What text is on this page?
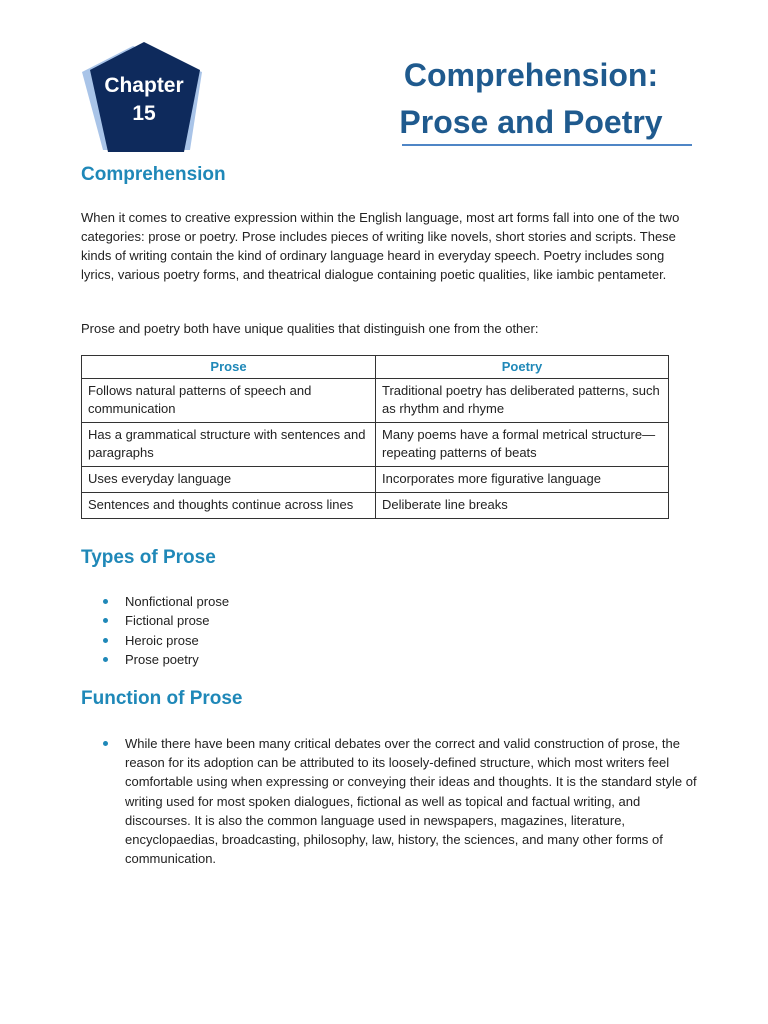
Chapter
15
Comprehension:
Prose and Poetry
Comprehension
When it comes to creative expression within the English language, most art forms fall into one of the two categories: prose or poetry. Prose includes pieces of writing like novels, short stories and scripts. These kinds of writing contain the kind of ordinary language heard in everyday speech. Poetry includes song lyrics, various poetry forms, and theatrical dialogue containing poetic qualities, like iambic pentameter.
Prose and poetry both have unique qualities that distinguish one from the other:
Prose	Poetry
Follows natural patterns of speech and communication	Traditional poetry has deliberated patterns, such as rhythm and rhyme
Has a grammatical structure with sentences and paragraphs	Many poems have a formal metrical structure—repeating patterns of beats
Uses everyday language	Incorporates more figurative language
Sentences and thoughts continue across lines	Deliberate line breaks
Types of Prose
Nonfictional prose
Fictional prose
Heroic prose
Prose poetry
Function of Prose
While there have been many critical debates over the correct and valid construction of prose, the reason for its adoption can be attributed to its loosely-defined structure, which most writers feel comfortable using when expressing or conveying their ideas and thoughts. It is the standard style of writing used for most spoken dialogues, fictional as well as topical and factual writing, and discourses. It is also the common language used in newspapers, magazines, literature, encyclopaedias, broadcasting, philosophy, law, history, the sciences, and many other forms of communication.
